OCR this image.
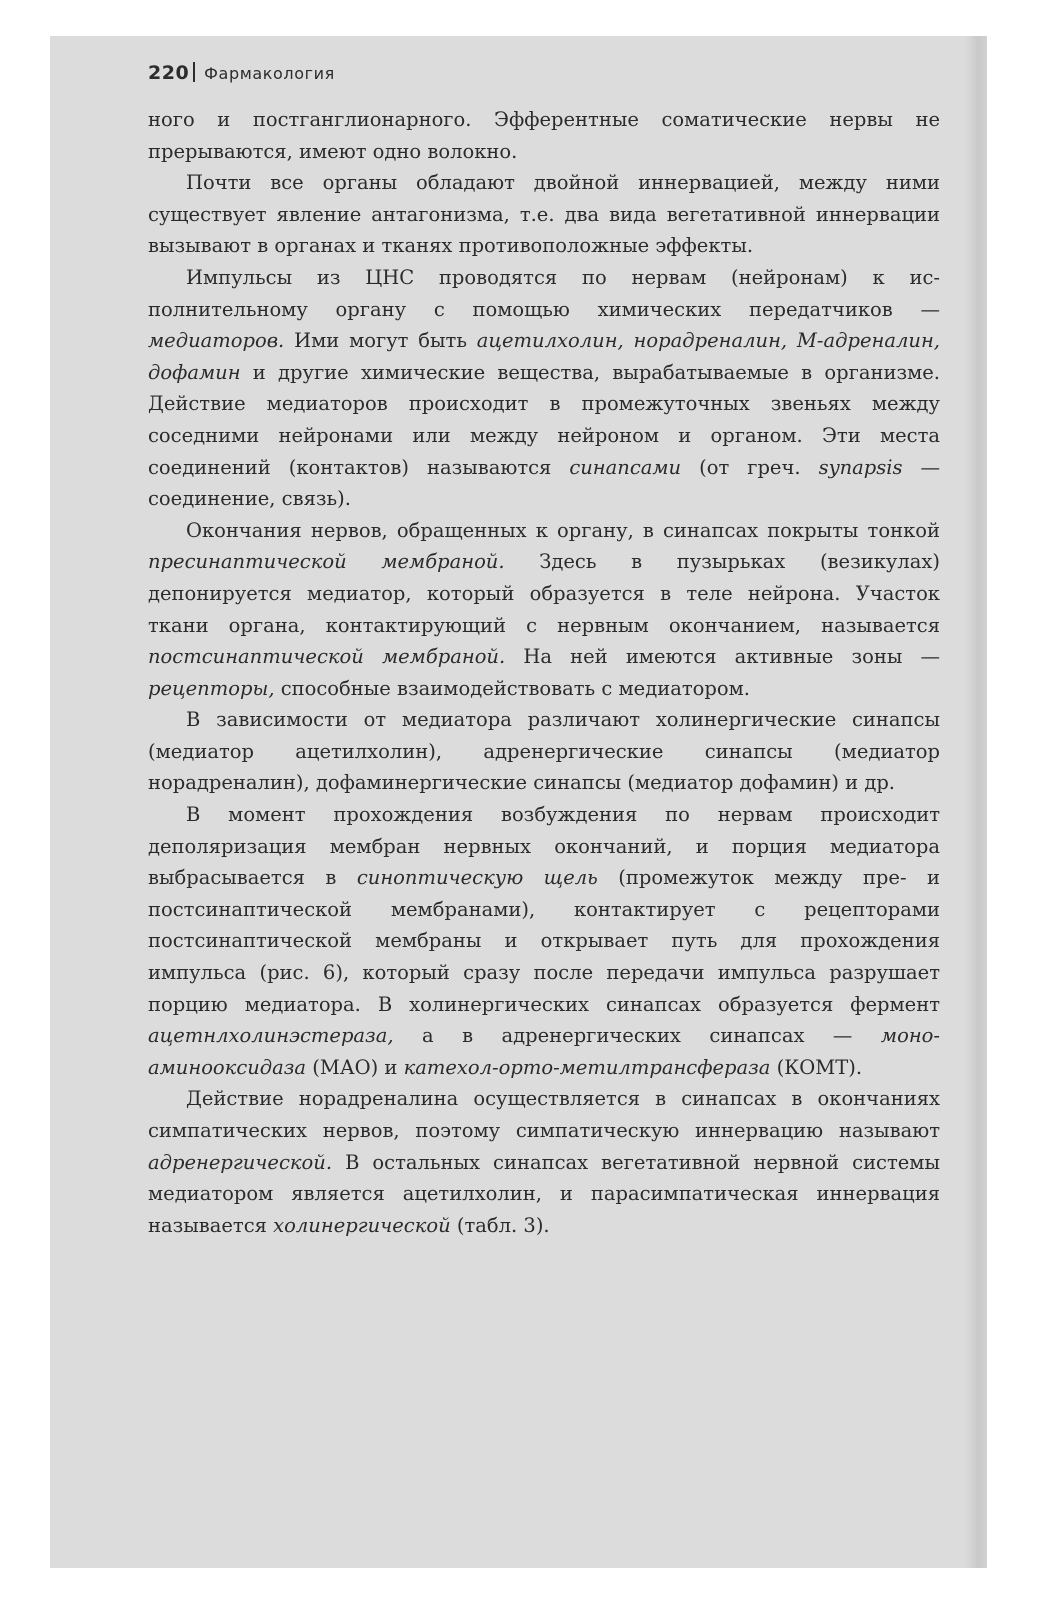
220 Фармакология

ного и постганглионарного. Эфферентные соматические нервы не прерываются, имеют одно волокно.

Почти все органы обладают двойной иннервацией, между ними существует явление антагонизма, т.е. два вида вегетативной иннервации вызывают в органах и тканях противоположные эффекты.

Импульсы из ЦНС проводятся по нервам (нейронам) к исполнительному органу с помощью химических передатчиков — медиаторов. Ими могут быть ацетилхолин, норадреналин, М-адреналин, дофамин и другие химические вещества, вырабатываемые в организме. Действие медиаторов происходит в промежуточных звеньях между соседними нейронами или между нейроном и органом. Эти места соединений (контактов) называются синапсами (от греч. synapsis — соединение, связь).

Окончания нервов, обращенных к органу, в синапсах покрыты тонкой пресинаптической мембраной. Здесь в пузырьках (везикулах) депонируется медиатор, который образуется в теле нейрона. Участок ткани органа, контактирующий с нервным окончанием, называется постсинаптической мембраной. На ней имеются активные зоны — рецепторы, способные взаимодействовать с медиатором.

В зависимости от медиатора различают холинергические синапсы (медиатор ацетилхолин), адренергические синапсы (медиатор норадреналин), дофаминергические синапсы (медиатор дофамин) и др.

В момент прохождения возбуждения по нервам происходит деполяризация мембран нервных окончаний, и порция медиатора выбрасывается в синоптическую щель (промежуток между пре- и постсинаптической мембранами), контактирует с рецепторами постсинаптической мембраны и открывает путь для прохождения импульса (рис. 6), который сразу после передачи импульса разрушает порцию медиатора. В холинергических синапсах образуется фермент ацетнлхолинэстераза, а в адренергических синапсах — моно-аминооксидаза (МАО) и катехол-орто-метилтрансфераза (КОМТ).

Действие норадреналина осуществляется в синапсах в окончаниях симпатических нервов, поэтому симпатическую иннервацию называют адренергической. В остальных синапсах вегетативной нервной системы медиатором является ацетилхолин, и парасимпатическая иннервация называется холинергической (табл. 3).
